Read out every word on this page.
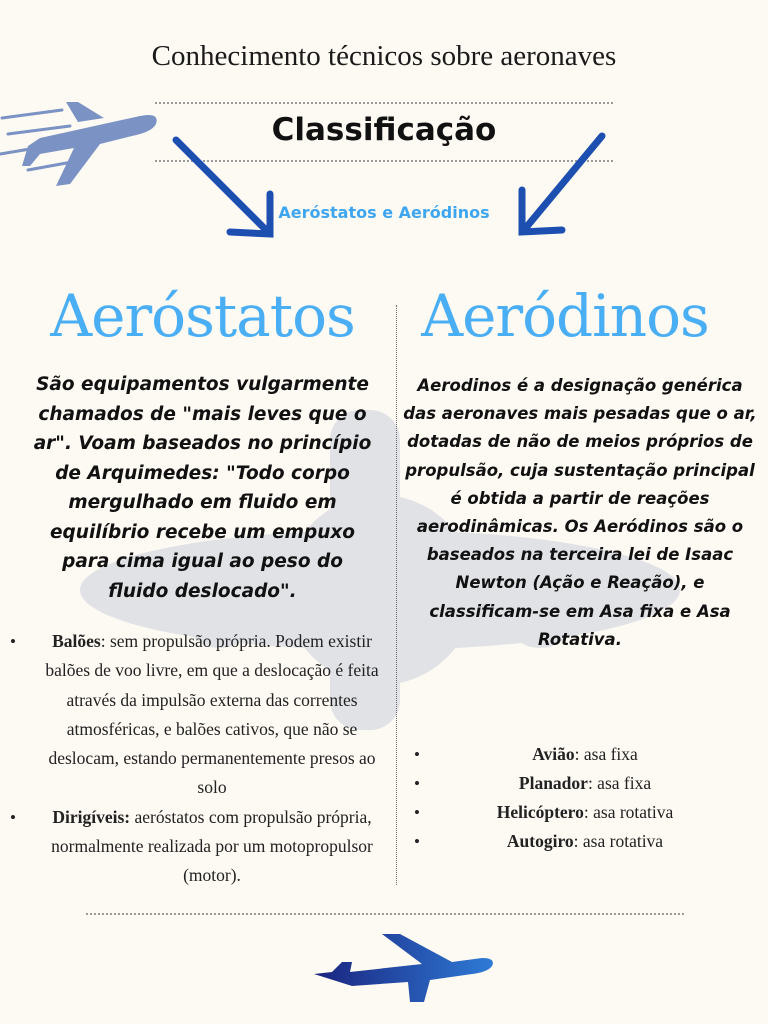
Conhecimento técnicos sobre aeronaves
Classificação
Aeróstatos e Aeródinos
Aeróstatos	Aeródinos
São equipamentos vulgarmente chamados de "mais leves que o ar". Voam baseados no princípio de Arquimedes: "Todo corpo mergulhado em fluido em equilíbrio recebe um empuxo para cima igual ao peso do fluido deslocado".
Aerodinos é a designação genérica das aeronaves mais pesadas que o ar, dotadas de não de meios próprios de propulsão, cuja sustentação principal é obtida a partir de reações aerodinâmicas. Os Aeródinos são o baseados na terceira lei de Isaac Newton (Ação e Reação), e classificam-se em Asa fixa e Asa Rotativa.
• Balões: sem propulsão própria. Podem existir balões de voo livre, em que a deslocação é feita através da impulsão externa das correntes atmosféricas, e balões cativos, que não se deslocam, estando permanentemente presos ao solo
• Dirigíveis: aeróstatos com propulsão própria, normalmente realizada por um motopropulsor (motor).
•	Avião: asa fixa
•	Planador: asa fixa
•	Helicóptero: asa rotativa
•	Autogiro: asa rotativa
